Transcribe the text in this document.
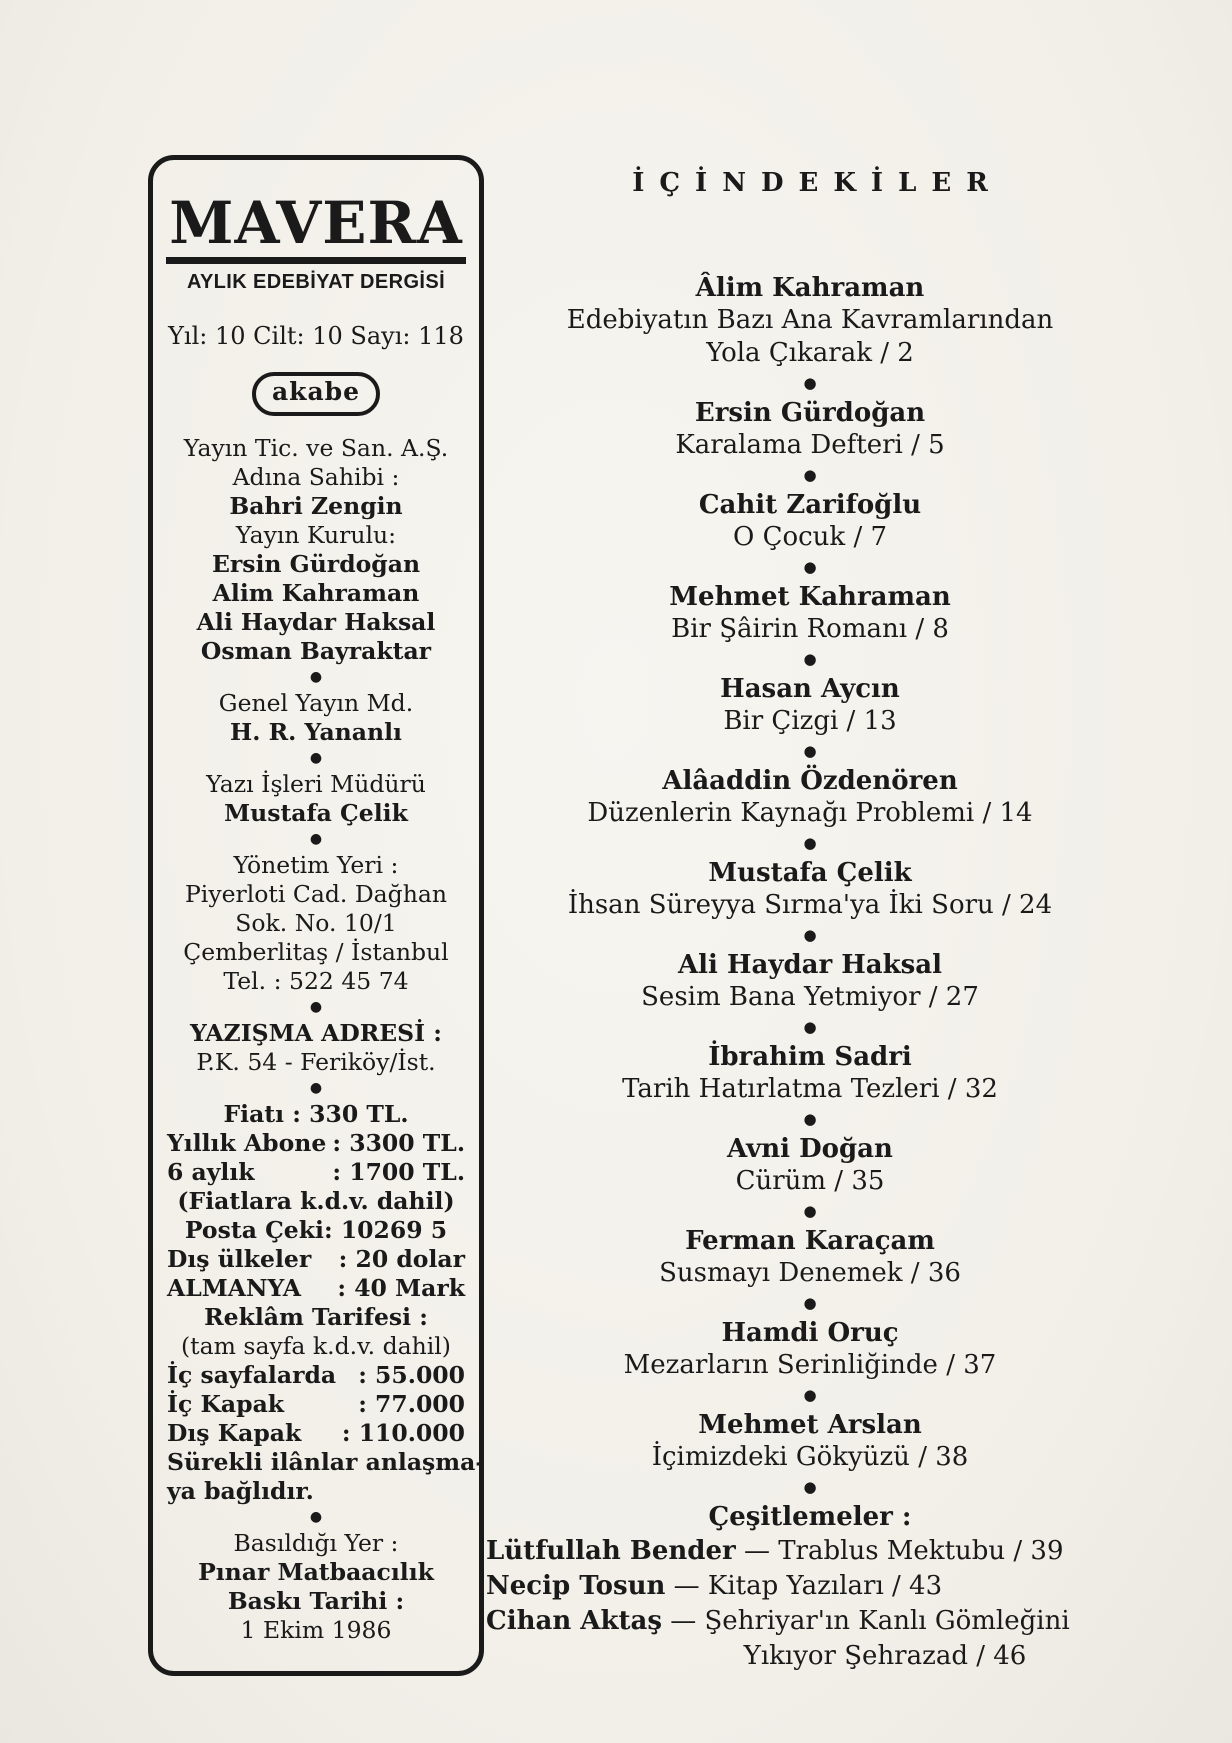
MAVERA
AYLIK EDEBİYAT DERGİSİ
Yıl: 10 Cilt: 10 Sayı: 118
akabe
Yayın Tic. ve San. A.Ş.
Adına Sahibi :
Bahri Zengin
Yayın Kurulu:
Ersin Gürdoğan
Alim Kahraman
Ali Haydar Haksal
Osman Bayraktar
●
Genel Yayın Md.
H. R. Yananlı
●
Yazı İşleri Müdürü
Mustafa Çelik
●
Yönetim Yeri :
Piyerloti Cad. Dağhan
Sok. No. 10/1
Çemberlitaş / İstanbul
Tel. : 522 45 74
●
YAZIŞMA ADRESİ :
P.K. 54 - Feriköy/İst.
●
Fiatı : 330 TL.
Yıllık Abone : 3300 TL.
6 aylık	: 1700 TL.
(Fiatlara k.d.v. dahil)
Posta Çeki: 10269 5
Dış ülkeler : 20 dolar
ALMANYA : 40 Mark
Reklâm Tarifesi :
(tam sayfa k.d.v. dahil)
İç sayfalarda : 55.000
İç Kapak	: 77.000
Dış Kapak : 110.000
Sürekli ilânlar anlaşma-
ya bağlıdır.
●
Basıldığı Yer :
Pınar Matbaacılık
Baskı Tarihi :
1 Ekim 1986
İÇİNDEKİLER
Âlim Kahraman
Edebiyatın Bazı Ana Kavramlarından
Yola Çıkarak / 2
●
Ersin Gürdoğan
Karalama Defteri / 5
●
Cahit Zarifoğlu
O Çocuk / 7
●
Mehmet Kahraman
Bir Şâirin Romanı / 8
●
Hasan Aycın
Bir Çizgi / 13
●
Alâaddin Özdenören
Düzenlerin Kaynağı Problemi / 14
●
Mustafa Çelik
İhsan Süreyya Sırma'ya İki Soru / 24
●
Ali Haydar Haksal
Sesim Bana Yetmiyor / 27
●
İbrahim Sadri
Tarih Hatırlatma Tezleri / 32
●
Avni Doğan
Cürüm / 35
●
Ferman Karaçam
Susmayı Denemek / 36
●
Hamdi Oruç
Mezarların Serinliğinde / 37
●
Mehmet Arslan
İçimizdeki Gökyüzü / 38
●
Çeşitlemeler :
Lütfullah Bender — Trablus Mektubu / 39
Necip Tosun — Kitap Yazıları / 43
Cihan Aktaş — Şehriyar'ın Kanlı Gömleğini
Yıkıyor Şehrazad / 46
